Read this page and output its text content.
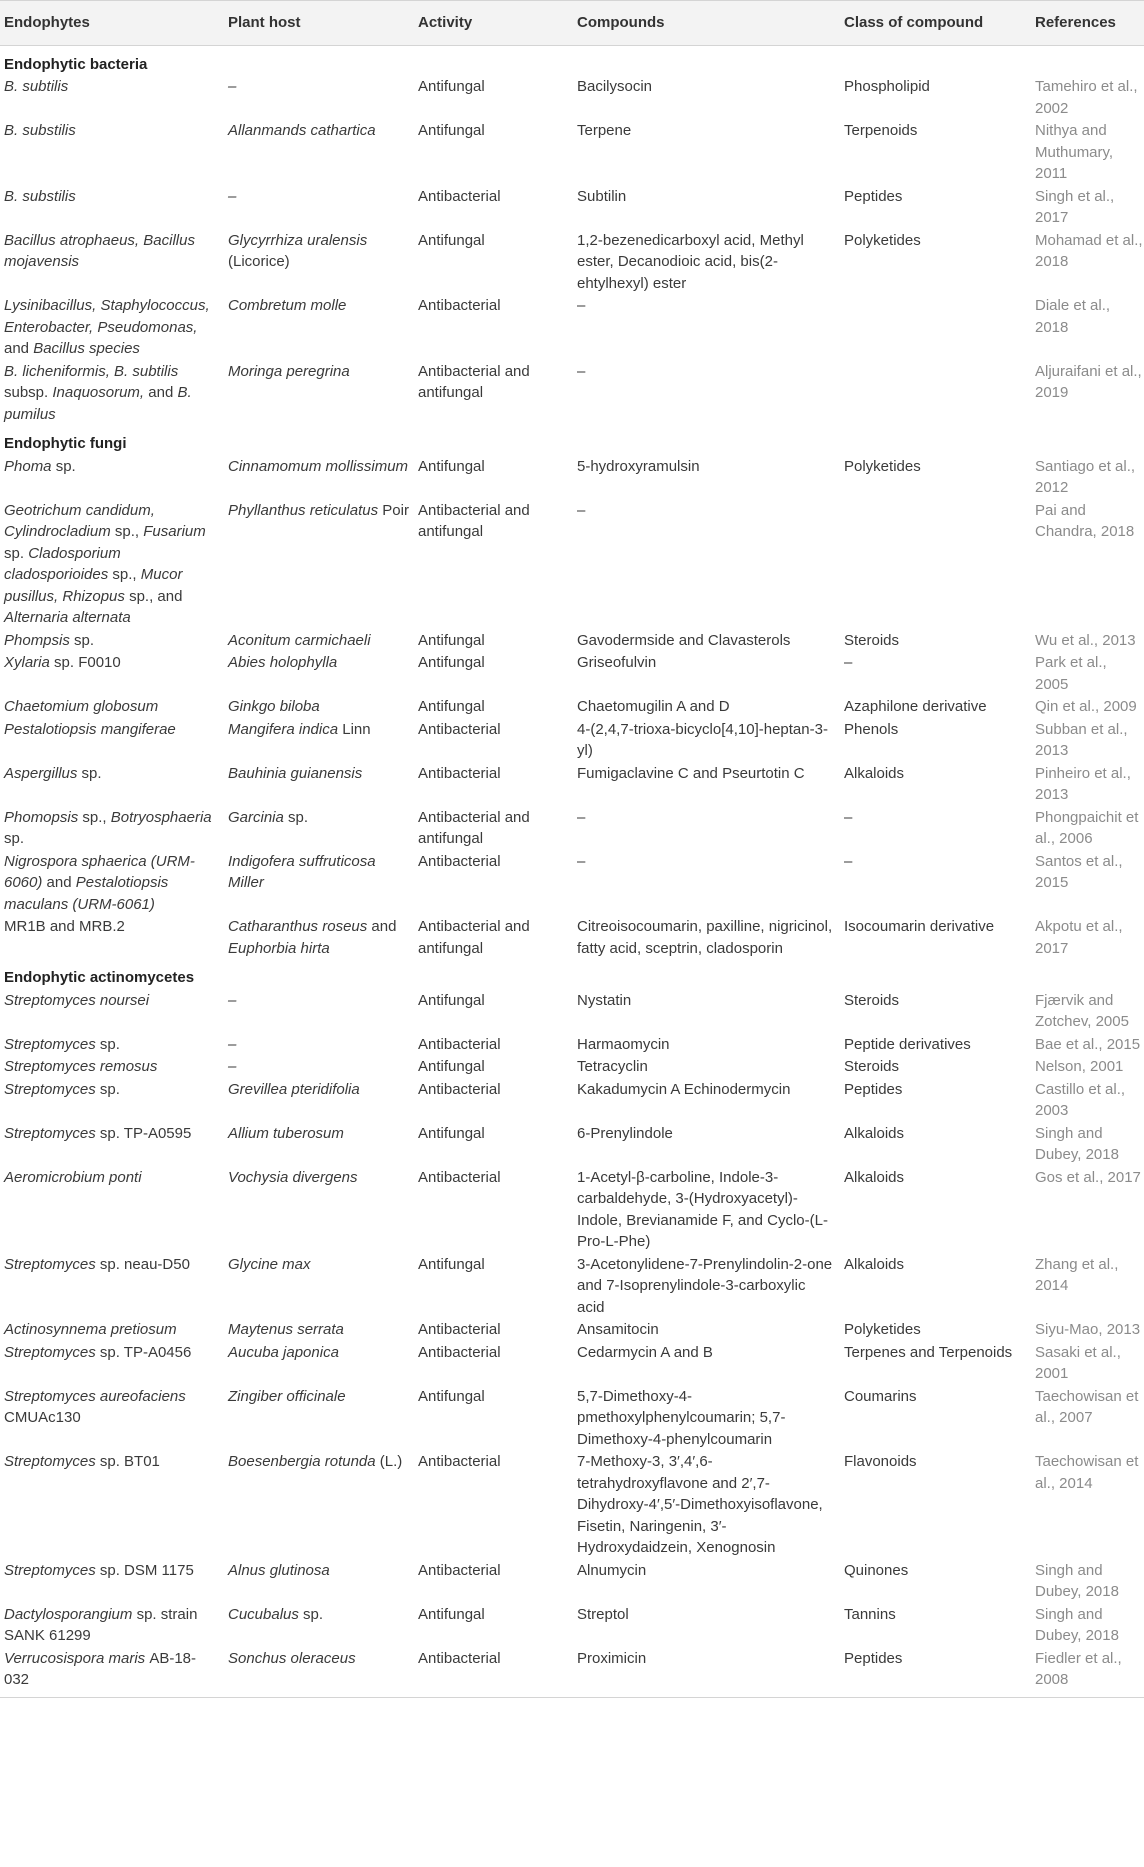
Endophytes	Plant host	Activity	Compounds	Class of compound	References
Endophytic bacteria					
B. subtilis	–	Antifungal	Bacilysocin	Phospholipid	Tamehiro et al., 2002
B. substilis	Allanmands cathartica	Antifungal	Terpene	Terpenoids	Nithya and Muthumary, 2011
B. substilis	–	Antibacterial	Subtilin	Peptides	Singh et al., 2017
Bacillus atrophaeus, Bacillus mojavensis	Glycyrrhiza uralensis (Licorice)	Antifungal	1,2-bezenedicarboxyl acid, Methyl ester, Decanodioic acid, bis(2-ehtylhexyl) ester	Polyketides	Mohamad et al., 2018
Lysinibacillus, Staphylococcus, Enterobacter, Pseudomonas, and Bacillus species	Combretum molle	Antibacterial	–		Diale et al., 2018
B. licheniformis, B. subtilis subsp. Inaquosorum, and B. pumilus	Moringa peregrina	Antibacterial and antifungal	–		Aljuraifani et al., 2019
Endophytic fungi					
Phoma sp.	Cinnamomum mollissimum	Antifungal	5-hydroxyramulsin	Polyketides	Santiago et al., 2012
Geotrichum candidum, Cylindrocladium sp., Fusarium sp. Cladosporium cladosporioides sp., Mucor pusillus, Rhizopus sp., and Alternaria alternata	Phyllanthus reticulatus Poir	Antibacterial and antifungal	–		Pai and Chandra, 2018
Phompsis sp.	Aconitum carmichaeli	Antifungal	Gavodermside and Clavasterols	Steroids	Wu et al., 2013
Xylaria sp. F0010	Abies holophylla	Antifungal	Griseofulvin	–	Park et al., 2005
Chaetomium globosum	Ginkgo biloba	Antifungal	Chaetomugilin A and D	Azaphilone derivative	Qin et al., 2009
Pestalotiopsis mangiferae	Mangifera indica Linn	Antibacterial	4-(2,4,7-trioxa-bicyclo[4,10]-heptan-3-yl)	Phenols	Subban et al., 2013
Aspergillus sp.	Bauhinia guianensis	Antibacterial	Fumigaclavine C and Pseurtotin C	Alkaloids	Pinheiro et al., 2013
Phomopsis sp., Botryosphaeria sp.	Garcinia sp.	Antibacterial and antifungal	–	–	Phongpaichit et al., 2006
Nigrospora sphaerica (URM-6060) and Pestalotiopsis maculans (URM-6061)	Indigofera suffruticosa Miller	Antibacterial	–	–	Santos et al., 2015
MR1B and MRB.2	Catharanthus roseus and Euphorbia hirta	Antibacterial and antifungal	Citreoisocoumarin, paxilline, nigricinol, fatty acid, sceptrin, cladosporin	Isocoumarin derivative	Akpotu et al., 2017
Endophytic actinomycetes					
Streptomyces noursei	–	Antifungal	Nystatin	Steroids	Fjærvik and Zotchev, 2005
Streptomyces sp.	–	Antibacterial	Harmaomycin	Peptide derivatives	Bae et al., 2015
Streptomyces remosus	–	Antifungal	Tetracyclin	Steroids	Nelson, 2001
Streptomyces sp.	Grevillea pteridifolia	Antibacterial	Kakadumycin A Echinodermycin	Peptides	Castillo et al., 2003
Streptomyces sp. TP-A0595	Allium tuberosum	Antifungal	6-Prenylindole	Alkaloids	Singh and Dubey, 2018
Aeromicrobium ponti	Vochysia divergens	Antibacterial	1-Acetyl-β-carboline, Indole-3-carbaldehyde, 3-(Hydroxyacetyl)-Indole, Brevianamide F, and Cyclo-(L-Pro-L-Phe)	Alkaloids	Gos et al., 2017
Streptomyces sp. neau-D50	Glycine max	Antifungal	3-Acetonylidene-7-Prenylindolin-2-one and 7-Isoprenylindole-3-carboxylic acid	Alkaloids	Zhang et al., 2014
Actinosynnema pretiosum	Maytenus serrata	Antibacterial	Ansamitocin	Polyketides	Siyu-Mao, 2013
Streptomyces sp. TP-A0456	Aucuba japonica	Antibacterial	Cedarmycin A and B	Terpenes and Terpenoids	Sasaki et al., 2001
Streptomyces aureofaciens CMUAc130	Zingiber officinale	Antifungal	5,7-Dimethoxy-4-pmethoxylphenylcoumarin; 5,7-Dimethoxy-4-phenylcoumarin	Coumarins	Taechowisan et al., 2007
Streptomyces sp. BT01	Boesenbergia rotunda (L.)	Antibacterial	7-Methoxy-3, 3′,4′,6-tetrahydroxyflavone and 2′,7-Dihydroxy-4′,5′-Dimethoxyisoflavone, Fisetin, Naringenin, 3′-Hydroxydaidzein, Xenognosin	Flavonoids	Taechowisan et al., 2014
Streptomyces sp. DSM 1175	Alnus glutinosa	Antibacterial	Alnumycin	Quinones	Singh and Dubey, 2018
Dactylosporangium sp. strain SANK 61299	Cucubalus sp.	Antifungal	Streptol	Tannins	Singh and Dubey, 2018
Verrucosispora maris AB-18-032	Sonchus oleraceus	Antibacterial	Proximicin	Peptides	Fiedler et al., 2008
